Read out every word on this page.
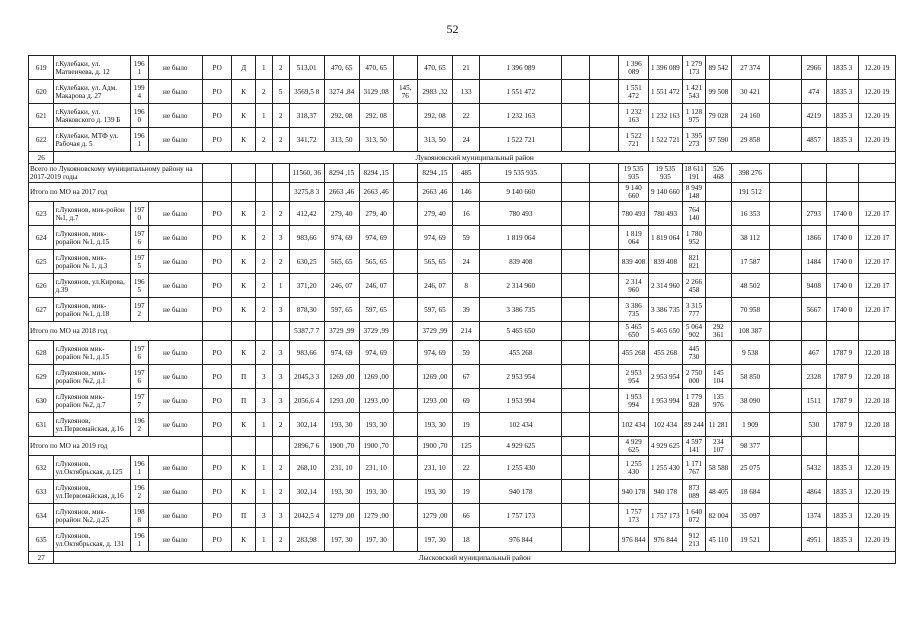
52
619	г.Кулебаки, ул. Матвеичева, д. 12	196 1	не было	РО	Д	1	2	513,01	470, 65	470, 65		470, 65	21	1 396 089			1 396 089	1 396 089	1 279 173	89 542	27 374		2966	1835 3	12.20 19
620	г.Кулебаки, ул. Адм. Макарова д. 27	199 4	не было	РО	К	2	5	3569,5 8	3274 ,84	3129 ,08	145, 76	2983 ,32	133	1 551 472			1 551 472	1 551 472	1 421 543	99 508	30 421		474	1835 3	12.20 19
621	г.Кулебаки, ул. Маяковского д. 139 Б	196 0	не было	РО	К	1	2	318,37	292, 08	292, 08		292, 08	22	1 232 163			1 232 163	1 232 163	1 128 975	79 028	24 160		4219	1835 3	12.20 19
622	г.Кулебаки, МТФ ул. Рабочая д. 5	196 1	не было	РО	К	2	2	341,72	313, 50	313, 50		313, 50	24	1 522 721			1 522 721	1 522 721	1 395 273	97 590	29 858		4857	1835 3	12.20 19
26	Лукояновский муниципальный район																								
Всего по Лукояновскому муниципальному району на 2017-2019 годы								11560, 36	8294 ,15	8294 ,15		8294 ,15	485	19 535 935			19 535 935	19 535 935	18 611 191	526 468	398 276				
Итого по МО на 2017 год								3275,8 3	2663 ,46	2663 ,46		2663 ,46	146	9 140 660			9 140 660	9 140 660	8 949 148		191 512				
623	г.Лукоянов, мик-ройон №1, д.7	197 0	не было	РО	К	2	2	412,42	279, 40	279, 40		279, 40	16	780 493			780 493	780 493	764 140		16 353		2793	1740 0	12.20 17
624	г.Лукоянов, мик-рорайон №1, д.15	197 6	не было	РО	К	2	3	983,66	974, 69	974, 69		974, 69	59	1 819 064			1 819 064	1 819 064	1 780 952		38 112		1866	1740 0	12.20 17
625	г.Лукоянов, мик-рорайон № 1, д.3	197 5	не было	РО	К	2	2	630,25	565, 65	565, 65		565, 65	24	839 408			839 408	839 408	821 821		17 587		1484	1740 0	12.20 17
626	г.Лукоянов, ул.Кирова, д.39	196 5	не было	РО	К	2	1	371,20	246, 07	246, 07		246, 07	8	2 314 960			2 314 960	2 314 960	2 266 458		48 502		9408	1740 0	12.20 17
627	г.Лукоянов, мик-рорайон №1, д.18	197 2	не было	РО	К	2	3	878,30	597, 65	597, 65		597, 65	39	3 386 735			3 386 735	3 386 735	3 315 777		70 958		5667	1740 0	12.20 17
Итого по МО на 2018 год								5387,7 7	3729 ,99	3729 ,99		3729 ,99	214	5 465 650			5 465 650	5 465 650	5 064 902	292 361	108 387				
628	г.Лукоянов мик-рорайон №1, д.15	197 6	не было	РО	К	2	3	983,66	974, 69	974, 69		974, 69	59	455 268			455 268	455 268	445 730		9 538		467	1787 9	12.20 18
629	г.Лукоянов, мик-рорайон №2, д.1	197 6	не было	РО	П	3	3	2045,3 3	1269 ,00	1269 ,00		1269 ,00	67	2 953 954			2 953 954	2 953 954	2 750 000	145 104	58 850		2328	1787 9	12.20 18
630	г.Лукоянов мик-рорайон №2, д.7	197 7	не было	РО	П	3	3	2056,6 4	1293 ,00	1293 ,00		1293 ,00	69	1 953 994			1 953 994	1 953 994	1 779 928	135 976	38 090		1511	1787 9	12.20 18
631	г.Лукоянов, ул.Первомайская, д.16	196 2	не было	РО	К	1	2	302,14	193, 30	193, 30		193, 30	19	102 434			102 434	102 434	89 244	11 281	1 909		530	1787 9	12.20 18
Итого по МО на 2019 год								2896,7 6	1900 ,70	1900 ,70		1900 ,70	125	4 929 625			4 929 625	4 929 625	4 597 141	234 107	98 377				
632	г.Лукоянов, ул.Октябрьская, д.125	196 1	не было	РО	К	1	2	268,10	231, 10	231, 10		231, 10	22	1 255 430			1 255 430	1 255 430	1 171 767	58 588	25 075		5432	1835 3	12.20 19
633	г.Лукоянов, ул.Первомайская, д.16	196 2	не было	РО	К	1	2	302,14	193, 30	193, 30		193, 30	19	940 178			940 178	940 178	873 089	48 405	18 684		4864	1835 3	12.20 19
634	г.Лукоянов, мик-рорайон №2, д.25	198 8	не было	РО	П	3	3	2042,5 4	1279 ,00	1279 ,00		1279 ,00	66	1 757 173			1 757 173	1 757 173	1 640 072	82 004	35 097		1374	1835 3	12.20 19
635	г.Лукоянов, ул.Октябрьская, д. 131	196 1	не было	РО	К	1	2	283,98	197, 30	197, 30		197, 30	18	976 844			976 844	976 844	912 213	45 110	19 521		4951	1835 3	12.20 19
27	Лысковский муниципальный район																								
